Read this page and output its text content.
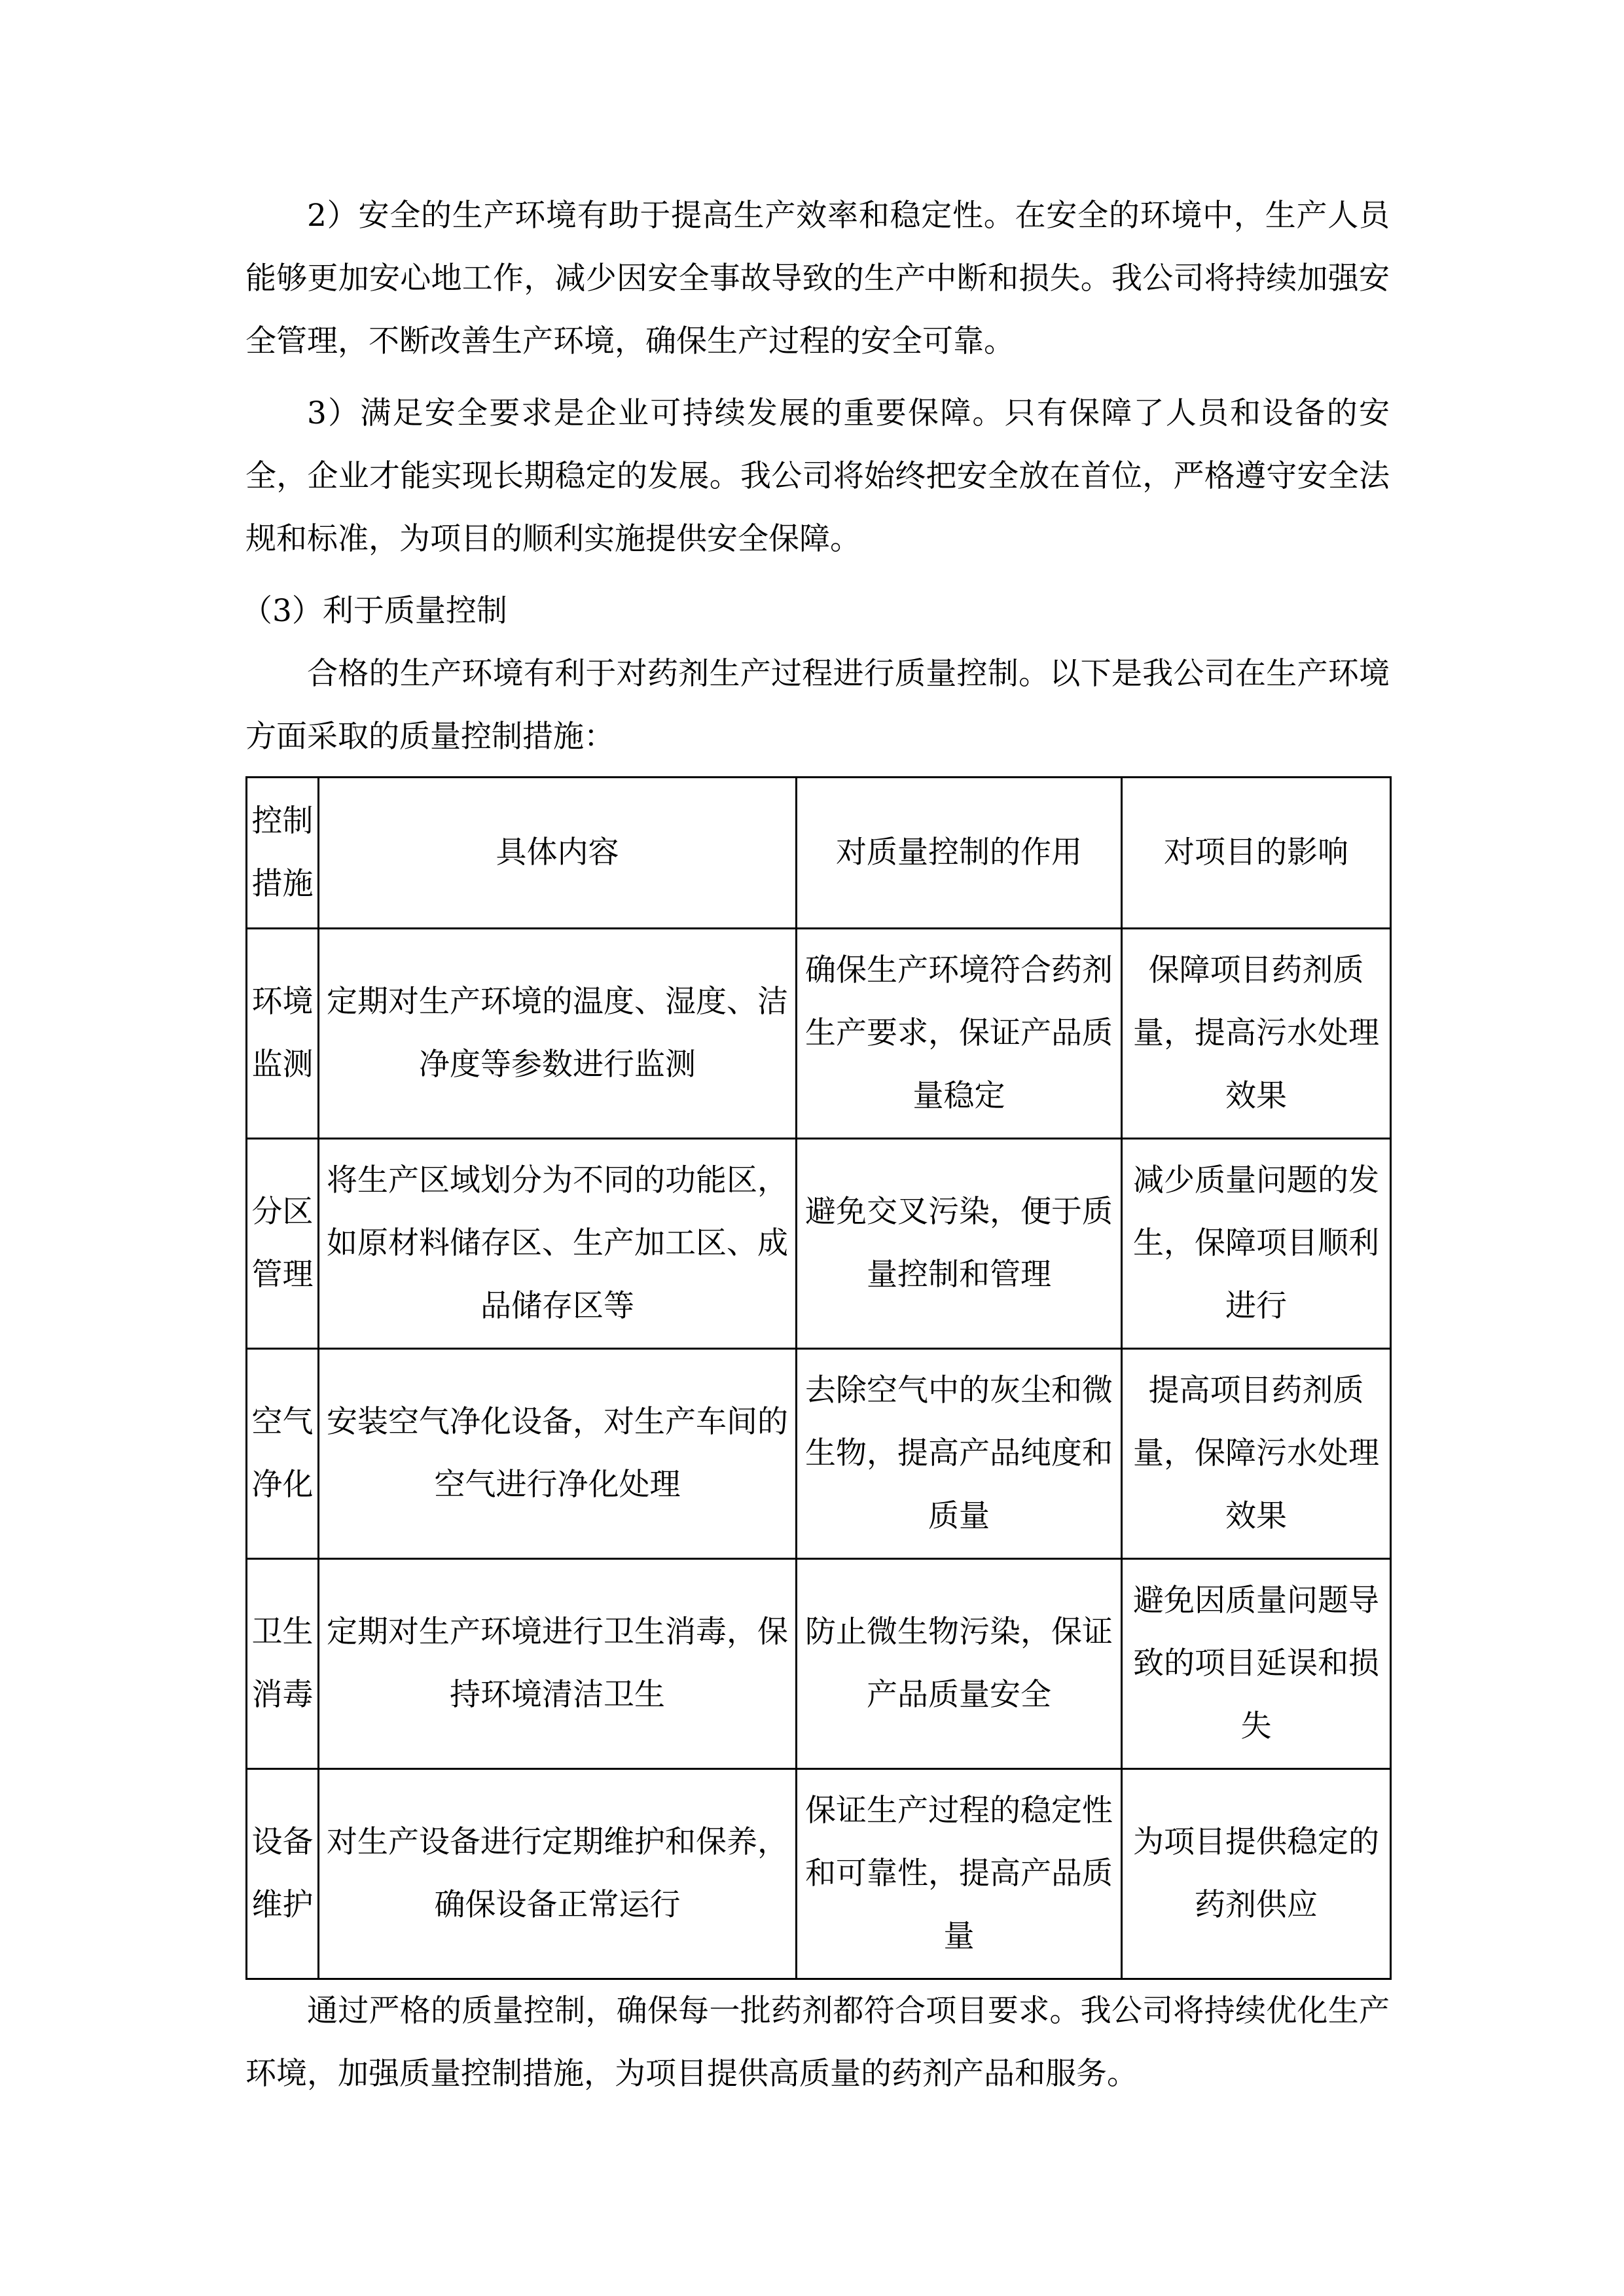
2）安全的生产环境有助于提高生产效率和稳定性。在安全的环境中，生产人员能够更加安心地工作，减少因安全事故导致的生产中断和损失。我公司将持续加强安全管理，不断改善生产环境，确保生产过程的安全可靠。

3）满足安全要求是企业可持续发展的重要保障。只有保障了人员和设备的安全，企业才能实现长期稳定的发展。我公司将始终把安全放在首位，严格遵守安全法规和标准，为项目的顺利实施提供安全保障。

（3）利于质量控制

合格的生产环境有利于对药剂生产过程进行质量控制。以下是我公司在生产环境方面采取的质量控制措施：

控制措施	具体内容	对质量控制的作用	对项目的影响
环境监测	定期对生产环境的温度、湿度、洁净度等参数进行监测	确保生产环境符合药剂生产要求，保证产品质量稳定	保障项目药剂质量，提高污水处理效果
分区管理	将生产区域划分为不同的功能区，如原材料储存区、生产加工区、成品储存区等	避免交叉污染，便于质量控制和管理	减少质量问题的发生，保障项目顺利进行
空气净化	安装空气净化设备，对生产车间的空气进行净化处理	去除空气中的灰尘和微生物，提高产品纯度和质量	提高项目药剂质量，保障污水处理效果
卫生消毒	定期对生产环境进行卫生消毒，保持环境清洁卫生	防止微生物污染，保证产品质量安全	避免因质量问题导致的项目延误和损失
设备维护	对生产设备进行定期维护和保养，确保设备正常运行	保证生产过程的稳定性和可靠性，提高产品质量	为项目提供稳定的药剂供应

通过严格的质量控制，确保每一批药剂都符合项目要求。我公司将持续优化生产环境，加强质量控制措施，为项目提供高质量的药剂产品和服务。
